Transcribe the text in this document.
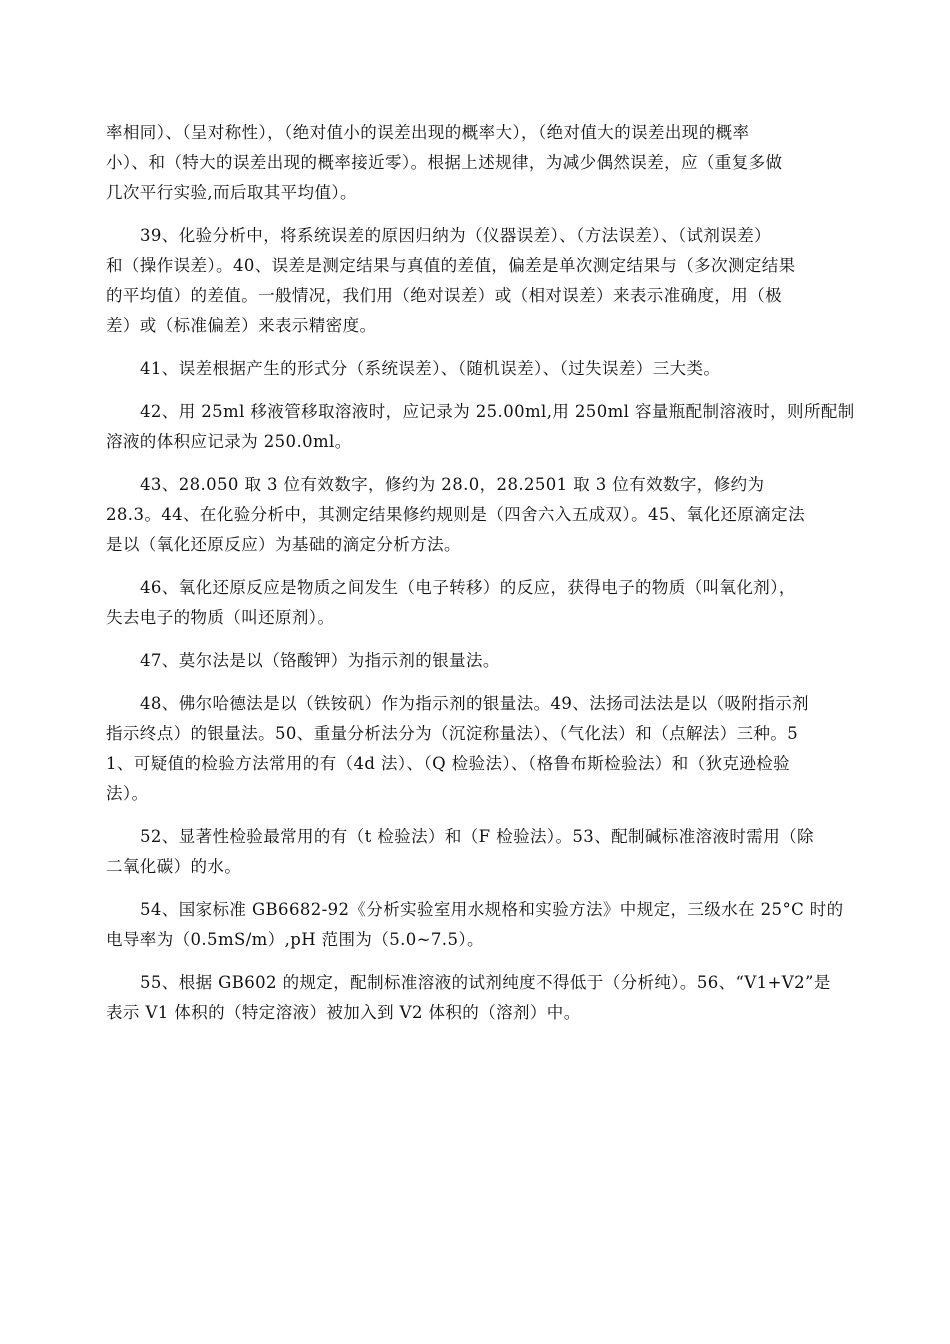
率相同）、（呈对称性），（绝对值小的误差出现的概率大），（绝对值大的误差出现的概率
小）、和（特大的误差出现的概率接近零）。根据上述规律，为减少偶然误差，应（重复多做
几次平行实验,而后取其平均值）。

39、化验分析中，将系统误差的原因归纳为（仪器误差）、（方法误差）、（试剂误差）
和（操作误差）。40、误差是测定结果与真值的差值，偏差是单次测定结果与（多次测定结果
的平均值）的差值。一般情况，我们用（绝对误差）或（相对误差）来表示准确度，用（极
差）或（标准偏差）来表示精密度。

41、误差根据产生的形式分（系统误差）、（随机误差）、（过失误差）三大类。

42、用 25ml 移液管移取溶液时，应记录为 25.00ml,用 250ml 容量瓶配制溶液时，则所配制
溶液的体积应记录为 250.0ml。

43、28.050 取 3 位有效数字，修约为 28.0，28.2501 取 3 位有效数字，修约为
28.3。44、在化验分析中，其测定结果修约规则是（四舍六入五成双）。45、氧化还原滴定法
是以（氧化还原反应）为基础的滴定分析方法。

46、氧化还原反应是物质之间发生（电子转移）的反应，获得电子的物质（叫氧化剂），
失去电子的物质（叫还原剂）。

47、莫尔法是以（铬酸钾）为指示剂的银量法。

48、佛尔哈德法是以（铁铵矾）作为指示剂的银量法。49、法扬司法法是以（吸附指示剂
指示终点）的银量法。50、重量分析法分为（沉淀称量法）、（气化法）和（点解法）三种。5
1、可疑值的检验方法常用的有（4d 法）、（Q 检验法）、（格鲁布斯检验法）和（狄克逊检验
法）。

52、显著性检验最常用的有（t 检验法）和（F 检验法）。53、配制碱标准溶液时需用（除
二氧化碳）的水。

54、国家标准 GB6682-92《分析实验室用水规格和实验方法》中规定，三级水在 25°C 时的
电导率为（0.5mS/m）,pH 范围为（5.0~7.5）。

55、根据 GB602 的规定，配制标准溶液的试剂纯度不得低于（分析纯）。56、“V1+V2”是
表示 V1 体积的（特定溶液）被加入到 V2 体积的（溶剂）中。
